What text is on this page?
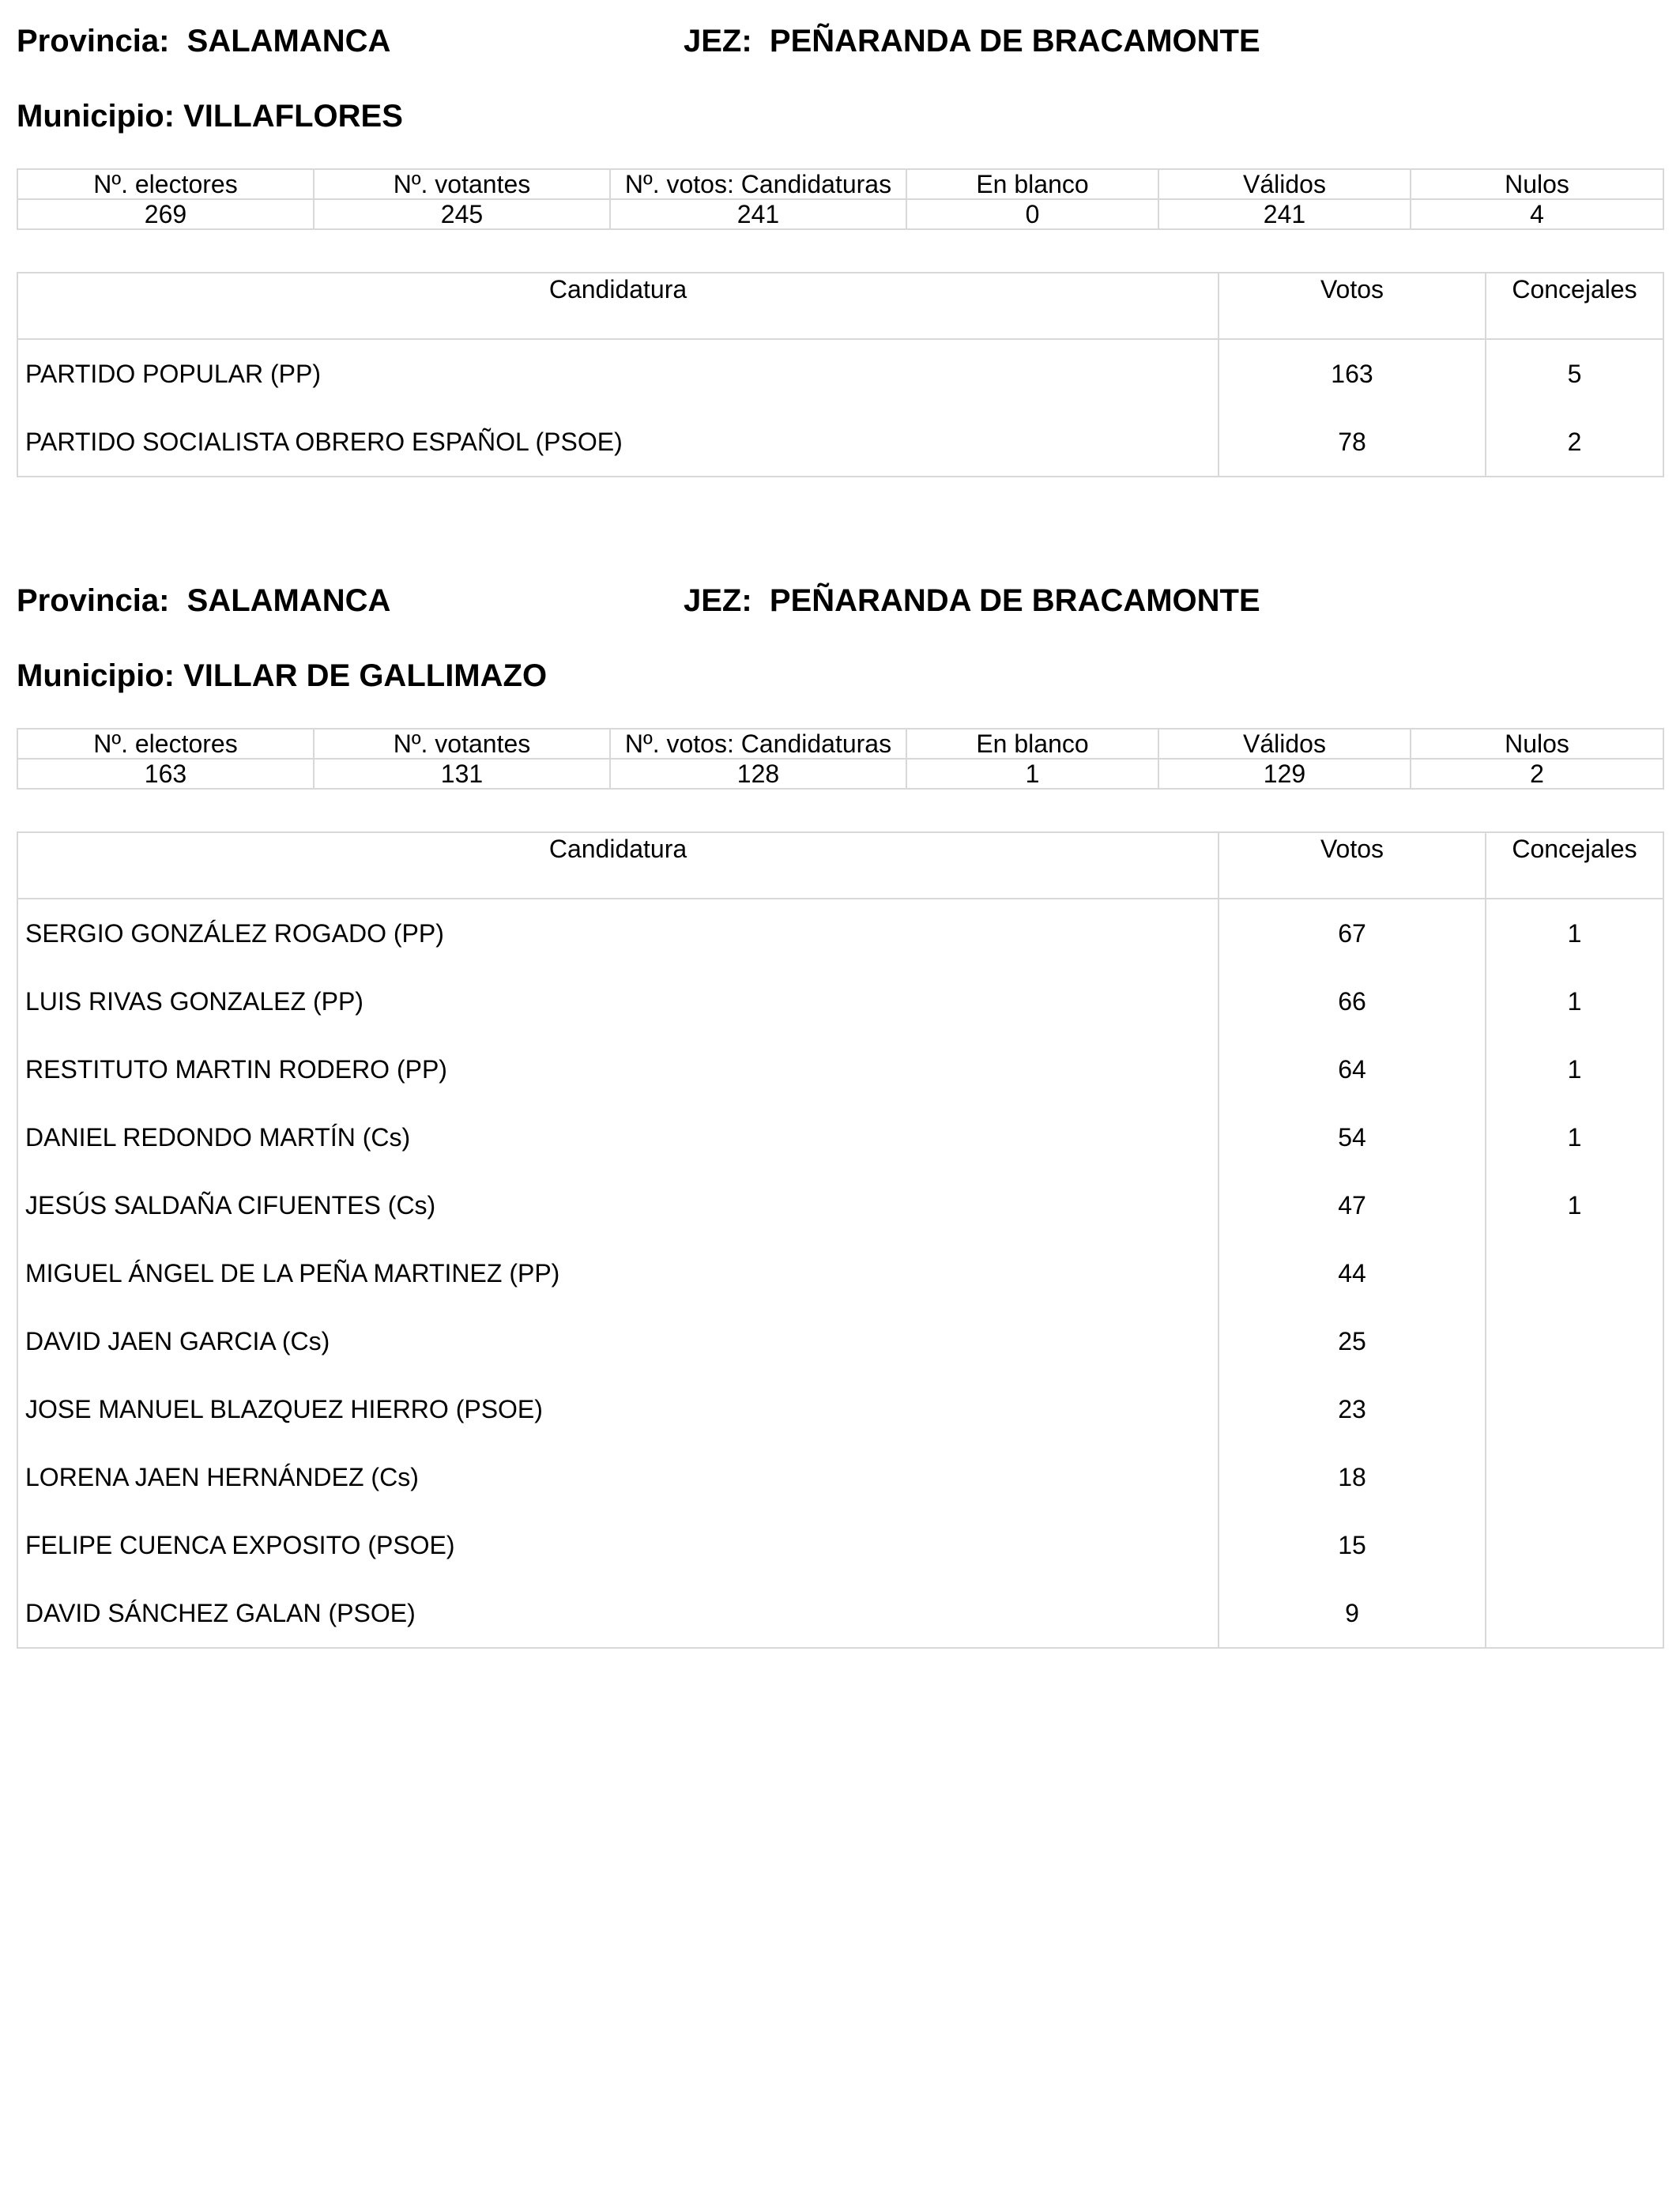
Provincia: SALAMANCA	JEZ: PEÑARANDA DE BRACAMONTE
Municipio: VILLAFLORES
Nº. electores	Nº. votantes	Nº. votos: Candidaturas	En blanco	Válidos	Nulos
269	245	241	0	241	4
Candidatura	Votos	Concejales
PARTIDO POPULAR (PP)	163	5
PARTIDO SOCIALISTA OBRERO ESPAÑOL (PSOE)	78	2
Provincia: SALAMANCA	JEZ: PEÑARANDA DE BRACAMONTE
Municipio: VILLAR DE GALLIMAZO
Nº. electores	Nº. votantes	Nº. votos: Candidaturas	En blanco	Válidos	Nulos
163	131	128	1	129	2
Candidatura	Votos	Concejales
SERGIO GONZÁLEZ ROGADO (PP)	67	1
LUIS RIVAS GONZALEZ (PP)	66	1
RESTITUTO MARTIN RODERO (PP)	64	1
DANIEL REDONDO MARTÍN (Cs)	54	1
JESÚS SALDAÑA CIFUENTES (Cs)	47	1
MIGUEL ÁNGEL DE LA PEÑA MARTINEZ (PP)	44	
DAVID JAEN GARCIA (Cs)	25	
JOSE MANUEL BLAZQUEZ HIERRO (PSOE)	23	
LORENA JAEN HERNÁNDEZ (Cs)	18	
FELIPE CUENCA EXPOSITO (PSOE)	15	
DAVID SÁNCHEZ GALAN (PSOE)	9	
